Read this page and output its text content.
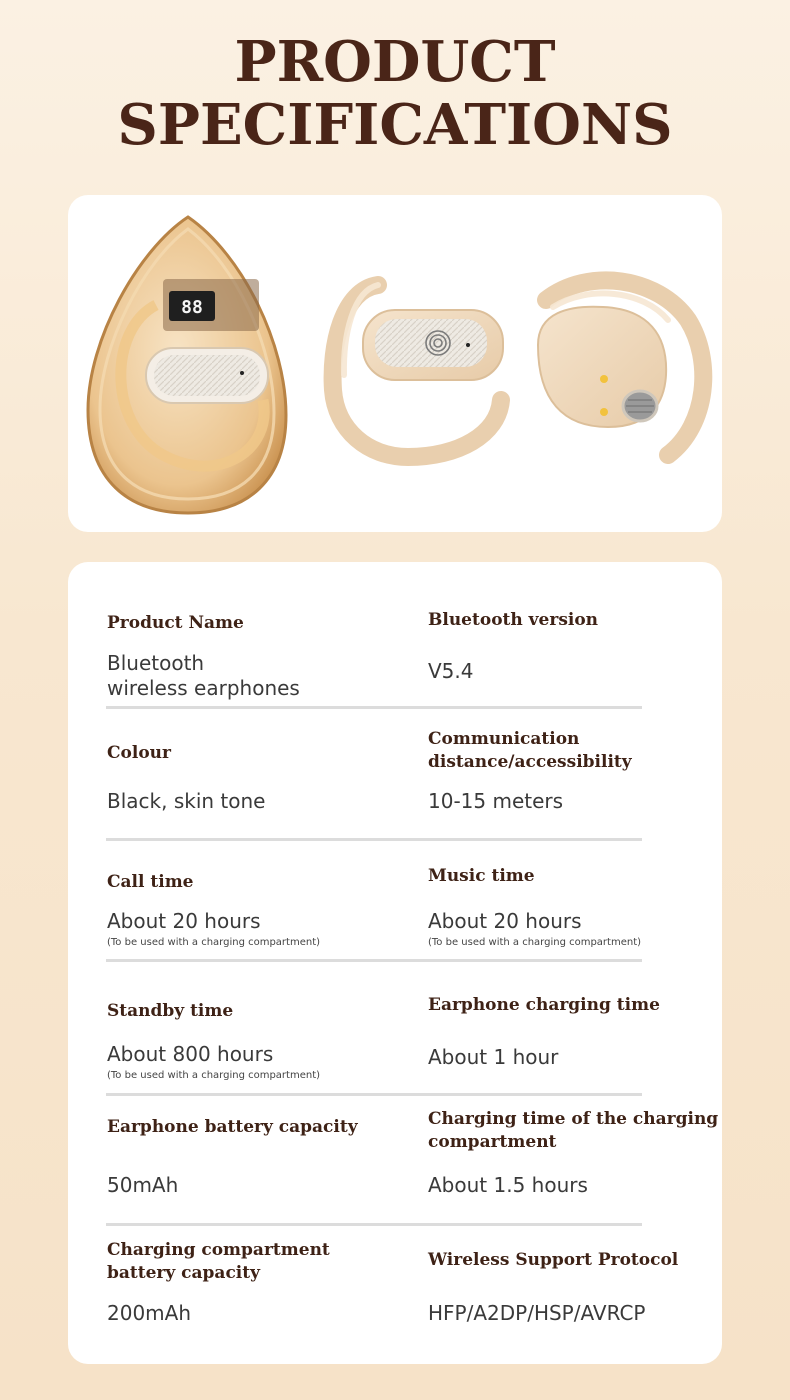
PRODUCT
SPECIFICATIONS
88

Product Name

Bluetooth

wireless earphones

Bluetooth version

V5.4

Colour

Black, skin tone

Communication

distance/accessibility

10-15 meters

Call time

About 20 hours

(To be used with a charging compartment)

Music time

About 20 hours

(To be used with a charging compartment)

Standby time

About 800 hours

(To be used with a charging compartment)

Earphone charging time

About 1 hour

Earphone battery capacity

50mAh

Charging time of the charging

compartment

About 1.5 hours

Charging compartment

battery capacity

200mAh

Wireless Support Protocol

HFP/A2DP/HSP/AVRCP
